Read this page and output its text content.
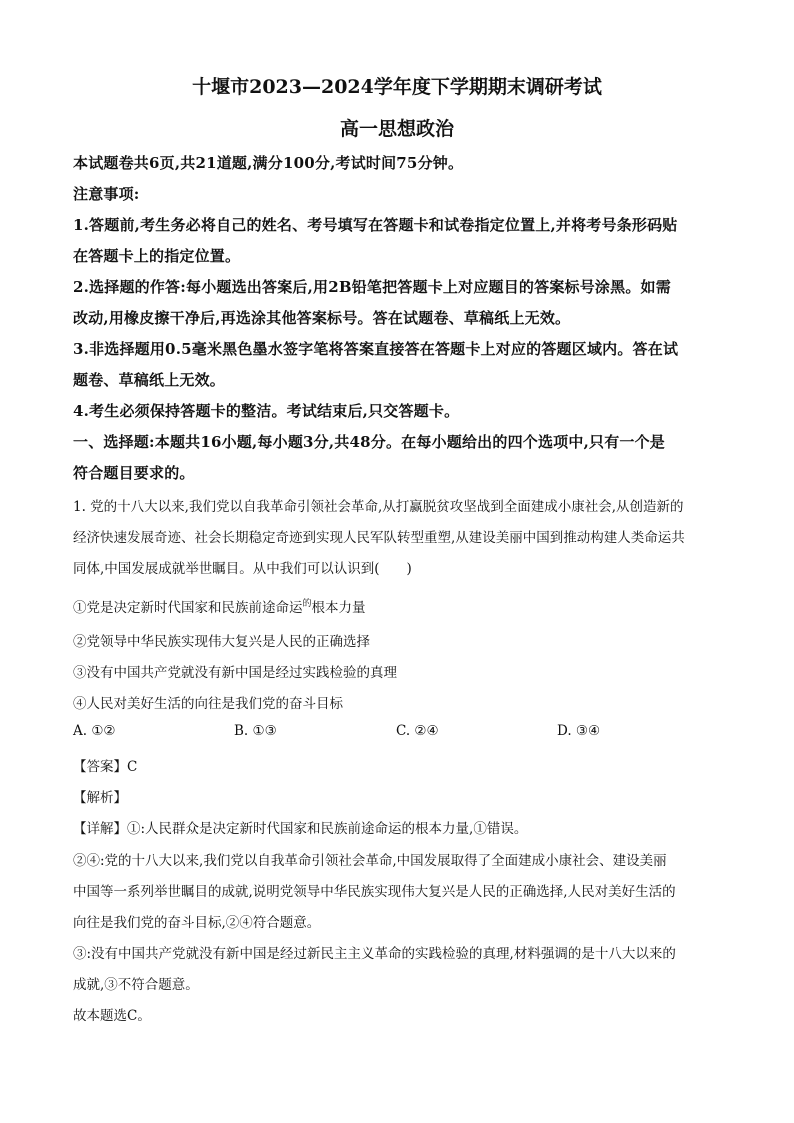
十堰市2023—2024学年度下学期期末调研考试
高一思想政治
本试题卷共6页,共21道题,满分100分,考试时间75分钟。
注意事项:
1.答题前,考生务必将自己的姓名、考号填写在答题卡和试卷指定位置上,并将考号条形码贴
在答题卡上的指定位置。
2.选择题的作答:每小题选出答案后,用2B铅笔把答题卡上对应题目的答案标号涂黑。如需
改动,用橡皮擦干净后,再选涂其他答案标号。答在试题卷、草稿纸上无效。
3.非选择题用0.5毫米黑色墨水签字笔将答案直接答在答题卡上对应的答题区域内。答在试
题卷、草稿纸上无效。
4.考生必须保持答题卡的整洁。考试结束后,只交答题卡。
一、选择题:本题共16小题,每小题3分,共48分。在每小题给出的四个选项中,只有一个是
符合题目要求的。
1. 党的十八大以来,我们党以自我革命引领社会革命,从打赢脱贫攻坚战到全面建成小康社会,从创造新的
经济快速发展奇迹、社会长期稳定奇迹到实现人民军队转型重塑,从建设美丽中国到推动构建人类命运共
同体,中国发展成就举世瞩目。从中我们可以认识到(　　)
①党是决定新时代国家和民族前途命运$^的$根本力量
②党领导中华民族实现伟大复兴是人民的正确选择
③没有中国共产党就没有新中国是经过实践检验的真理
④人民对美好生活的向往是我们党的奋斗目标
A. ①②	B. ①③	C. ②④	D. ③④
【答案】C
【解析】
【详解】①:人民群众是决定新时代国家和民族前途命运的根本力量,①错误。
②④:党的十八大以来,我们党以自我革命引领社会革命,中国发展取得了全面建成小康社会、建设美丽
中国等一系列举世瞩目的成就,说明党领导中华民族实现伟大复兴是人民的正确选择,人民对美好生活的
向往是我们党的奋斗目标,②④符合题意。
③:没有中国共产党就没有新中国是经过新民主主义革命的实践检验的真理,材料强调的是十八大以来的
成就,③不符合题意。
故本题选C。
